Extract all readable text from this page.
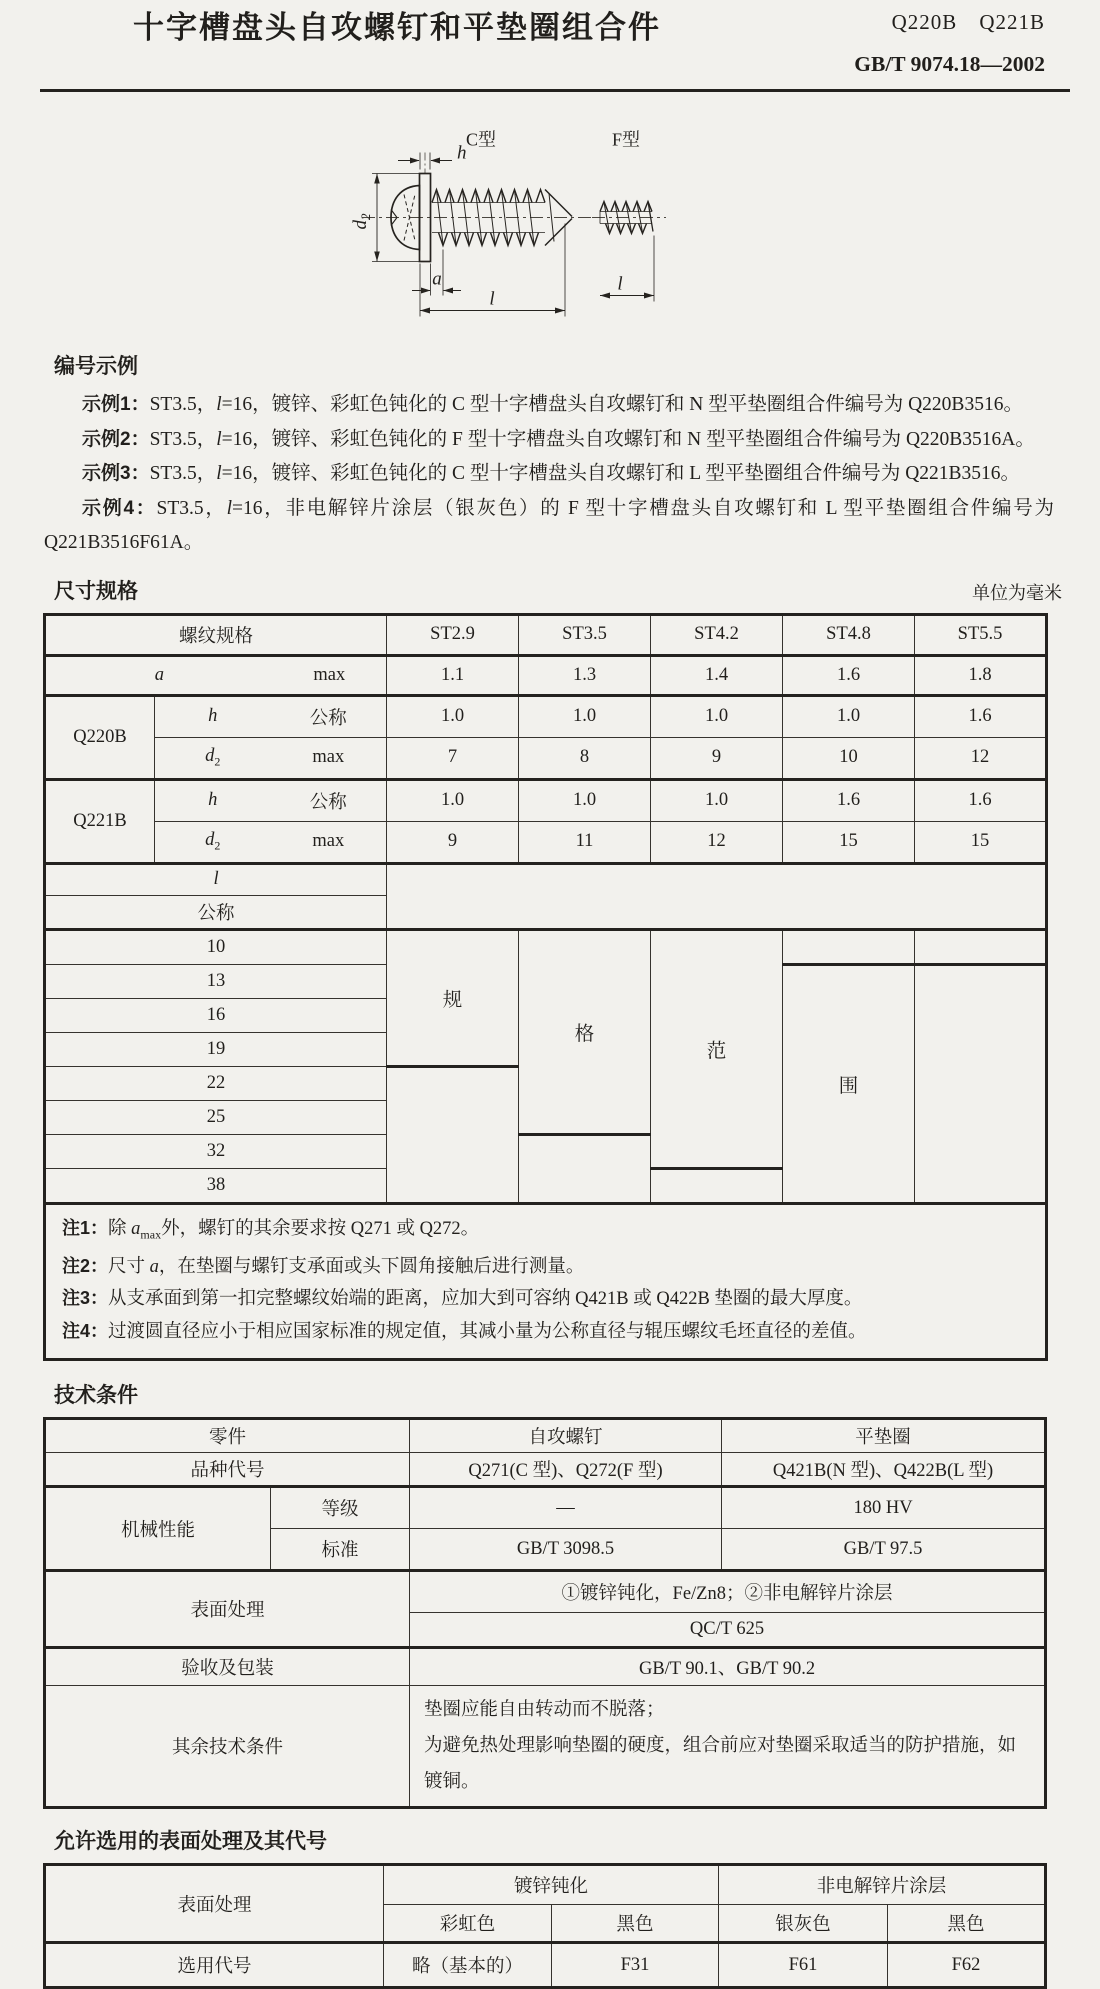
十字槽盘头自攻螺钉和平垫圈组合件	Q220B　Q221B
GB/T 9074.18—2002
C型	F型
$d_2$
h
a
l
l
编号示例

示例1：ST3.5，l=16，镀锌、彩虹色钝化的 C 型十字槽盘头自攻螺钉和 N 型平垫圈组合件编号为 Q220B3516。

示例2：ST3.5，l=16，镀锌、彩虹色钝化的 F 型十字槽盘头自攻螺钉和 N 型平垫圈组合件编号为 Q220B3516A。

示例3：ST3.5，l=16，镀锌、彩虹色钝化的 C 型十字槽盘头自攻螺钉和 L 型平垫圈组合件编号为 Q221B3516。

示例4：ST3.5，l=16，非电解锌片涂层（银灰色）的 F 型十字槽盘头自攻螺钉和 L 型平垫圈组合件编号为 Q221B3516F61A。

尺寸规格	单位为毫米
螺纹规格		ST2.9	ST3.5	ST4.2	ST4.8	ST5.5

a max		1.1	1.3	1.4	1.6	1.8
Q220B	h 公称	1.0	1.0	1.0	1.0	1.6

	$d_2$ max	7	8	9	10	12
Q221B	h 公称	1.0	1.0	1.0	1.6	1.6

	$d_2$ max	9	11	12	15	15
l						
公称						
10		规	格	范		
13					围	
16						
19						
22						
25						
32						
38						

注1：除 $a_{max}$外，螺钉的其余要求按 Q271 或 Q272。

注2：尺寸 a，在垫圈与螺钉支承面或头下圆角接触后进行测量。

注3：从支承面到第一扣完整螺纹始端的距离，应加大到可容纳 Q421B 或 Q422B 垫圈的最大厚度。

注4：过渡圆直径应小于相应国家标准的规定值，其减小量为公称直径与辊压螺纹毛坯直径的差值。						

技术条件
零件		自攻螺钉	平垫圈
品种代号		Q271(C 型)、Q272(F 型)	Q421B(N 型)、Q422B(L 型)
机械性能	等级	—	180 HV
	标准	GB/T 3098.5	GB/T 97.5
表面处理		①镀锌钝化，Fe/Zn8；②非电解锌片涂层	
		QC/T 625	
验收及包装		GB/T 90.1、GB/T 90.2	
其余技术条件		垫圈应能自由转动而不脱落；
为避免热处理影响垫圈的硬度，组合前应对垫圈采取适当的防护措施，如镀铜。	
允许选用的表面处理及其代号
表面处理	镀锌钝化		非电解锌片涂层	
	彩虹色	黑色	银灰色	黑色
选用代号	略（基本的）	F31	F61	F62
